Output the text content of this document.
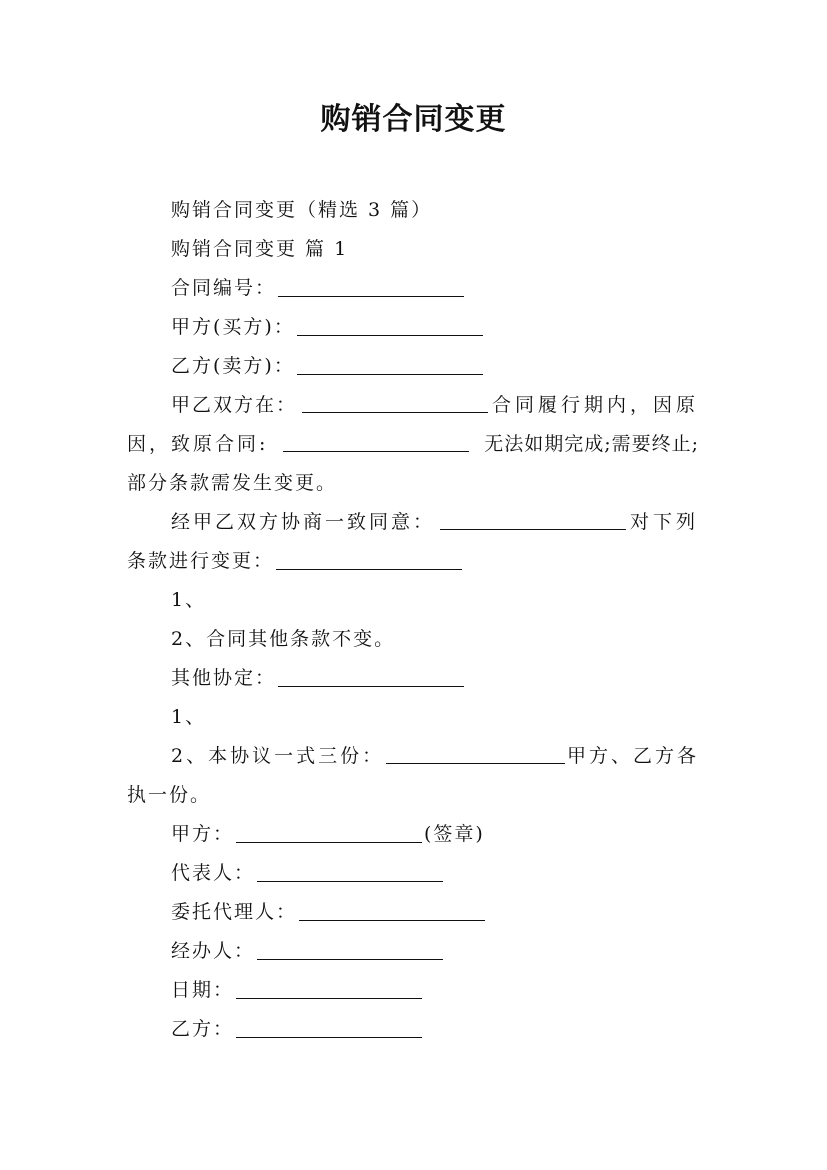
购销合同变更
购销合同变更（精选 3 篇）
购销合同变更 篇 1
合同编号：
甲方(买方)：
乙方(卖方)：
甲乙双方在：	合同履行期内，因原
因，致原合同:	无法如期完成;需要终止;
部分条款需发生变更。
经甲乙双方协商一致同意：	对下列
条款进行变更：
1、
2、合同其他条款不变。
其他协定：
1、
2、本协议一式三份：	甲方、乙方各
执一份。
甲方：	(签章)
代表人：
委托代理人：
经办人：
日期：
乙方：
